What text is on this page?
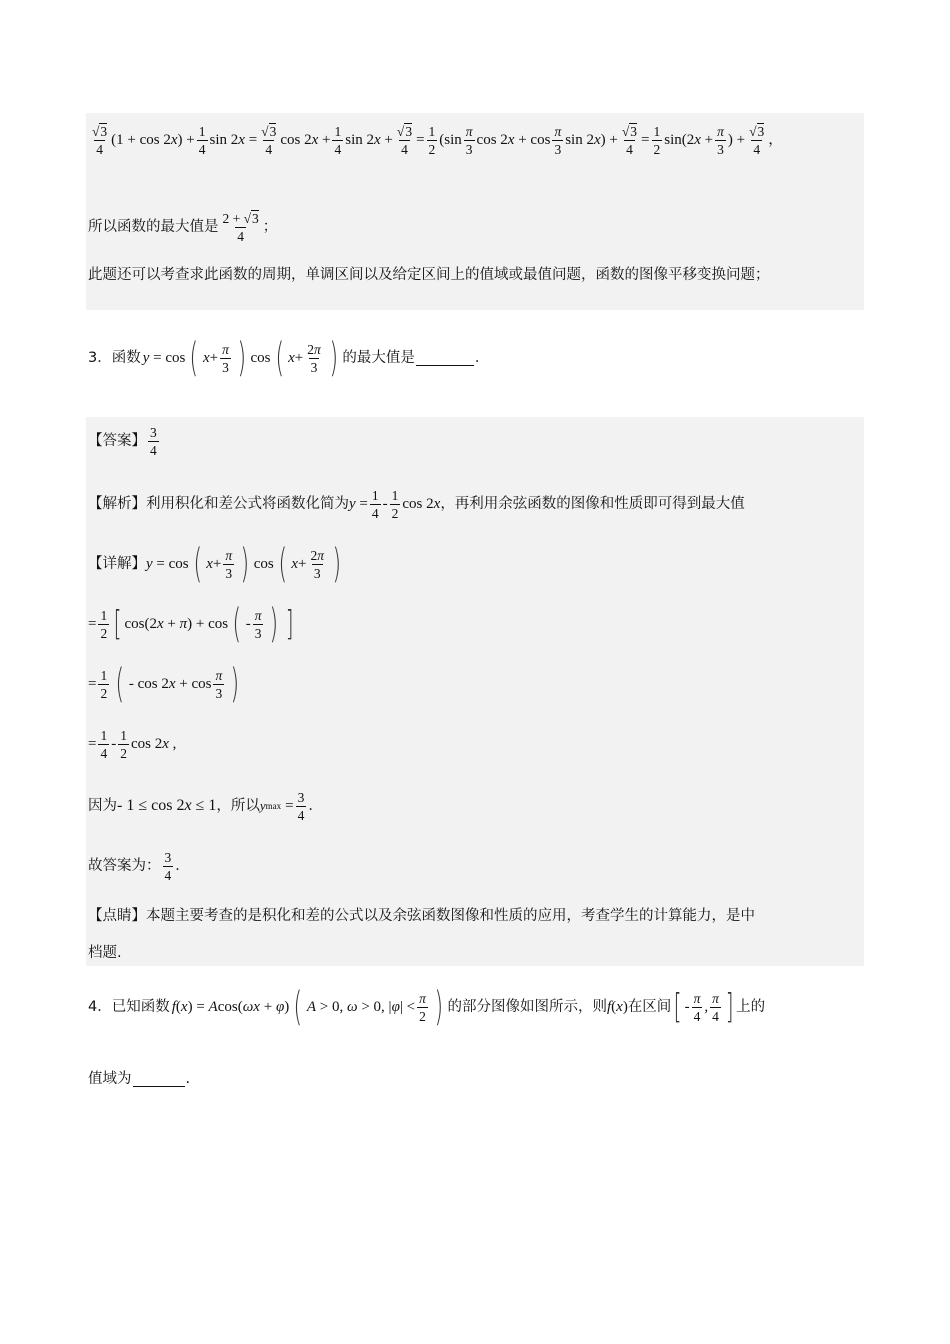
$\frac{√3}{4} (1 + \cos 2x) + \frac{1}{4}$ $\sin 2x = \frac{√3}{4}$ $\cos 2x + \frac{1}{4}$ $\sin 2x + \frac{√3}{4} = \frac{1}{2} (\sin \frac{\pi}{3}$ $\cos 2x + \cos \frac{\pi}{3}$ $\sin 2x) + \frac{√3}{4} = \frac{1}{2} \sin(2x + \frac{\pi}{3}$ ) + $\frac{√3}{4}$ ，
所以函数的最大值是 $\frac{2 + √3}{4}$ ；
此题还可以考查求此函数的周期，单调区间以及给定区间上的值域或最值问题，函数的图像平移变换问题；
3． 函数 y = cos ( $x + \frac{\pi}{3}$ ) cos ( $x + \frac{2\pi}{3}$ ) 的最大值是	．
【答案】 $\frac{3}{4}$
【解析】 利用积化和差公式将函数化简为 $y = \frac{1}{4} - \frac{1}{2}$ cos 2x ，再利用余弦函数的图像和性质即可得到最大值
【详解】 y = cos ( $x + \frac{\pi}{3}$ ) cos ( $x + \frac{2\pi}{3}$ )
= $\frac{1}{2}$ [ cos(2x + π) + cos ( - $\frac{\pi}{3}$ ) ]
= $\frac{1}{2}$ ( - $\cos 2x + \cos \frac{\pi}{3}$ )
= $\frac{1}{4} - \frac{1}{2}$ cos 2x ,
因为 - 1 ≤ cos 2x ≤ 1 ，所以 y $\max = \frac{3}{4}$ ．
故答案为： $\frac{3}{4}$ ．
【点睛】 本题主要考查的是积化和差的公式以及余弦函数图像和性质的应用，考查学生的计算能力，是中
档题.
4． 已知函数 f(x) = Acos(ωx + φ) ( A > 0, ω > 0, $|\varphi| < \frac{\pi}{2}$ ) 的部分图像如图所示，则 f(x) 在区间 [ - $\frac{\pi}{4}$ , $\frac{\pi}{4}$ ] 上的
值域为	.
